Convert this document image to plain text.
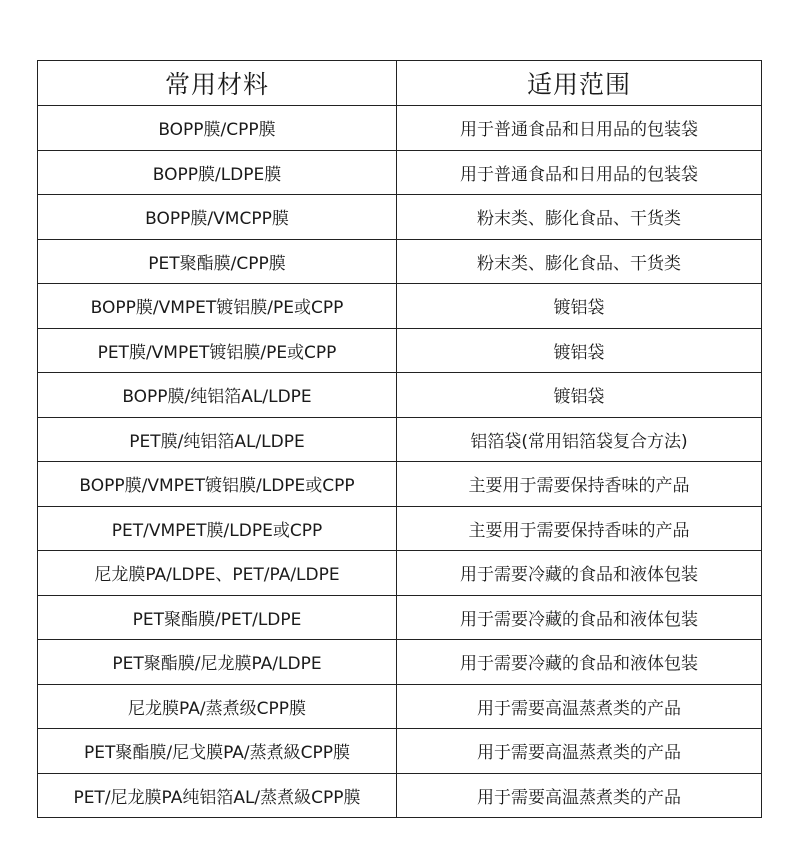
常用材料	适用范围
BOPP膜/CPP膜	用于普通食品和日用品的包装袋
BOPP膜/LDPE膜	用于普通食品和日用品的包装袋
BOPP膜/VMCPP膜	粉末类、膨化食品、干货类
PET聚酯膜/CPP膜	粉末类、膨化食品、干货类
BOPP膜/VMPET镀铝膜/PE或CPP	镀铝袋
PET膜/VMPET镀铝膜/PE或CPP	镀铝袋
BOPP膜/纯铝箔AL/LDPE	镀铝袋
PET膜/纯铝箔AL/LDPE	铝箔袋(常用铝箔袋复合方法)
BOPP膜/VMPET镀铝膜/LDPE或CPP	主要用于需要保持香味的产品
PET/VMPET膜/LDPE或CPP	主要用于需要保持香味的产品
尼龙膜PA/LDPE、PET/PA/LDPE	用于需要冷藏的食品和液体包装
PET聚酯膜/PET/LDPE	用于需要冷藏的食品和液体包装
PET聚酯膜/尼龙膜PA/LDPE	用于需要冷藏的食品和液体包装
尼龙膜PA/蒸煮级CPP膜	用于需要高温蒸煮类的产品
PET聚酯膜/尼戈膜PA/蒸煮級CPP膜	用于需要高温蒸煮类的产品
PET/尼龙膜PA纯铝箔AL/蒸煮級CPP膜	用于需要高温蒸煮类的产品
